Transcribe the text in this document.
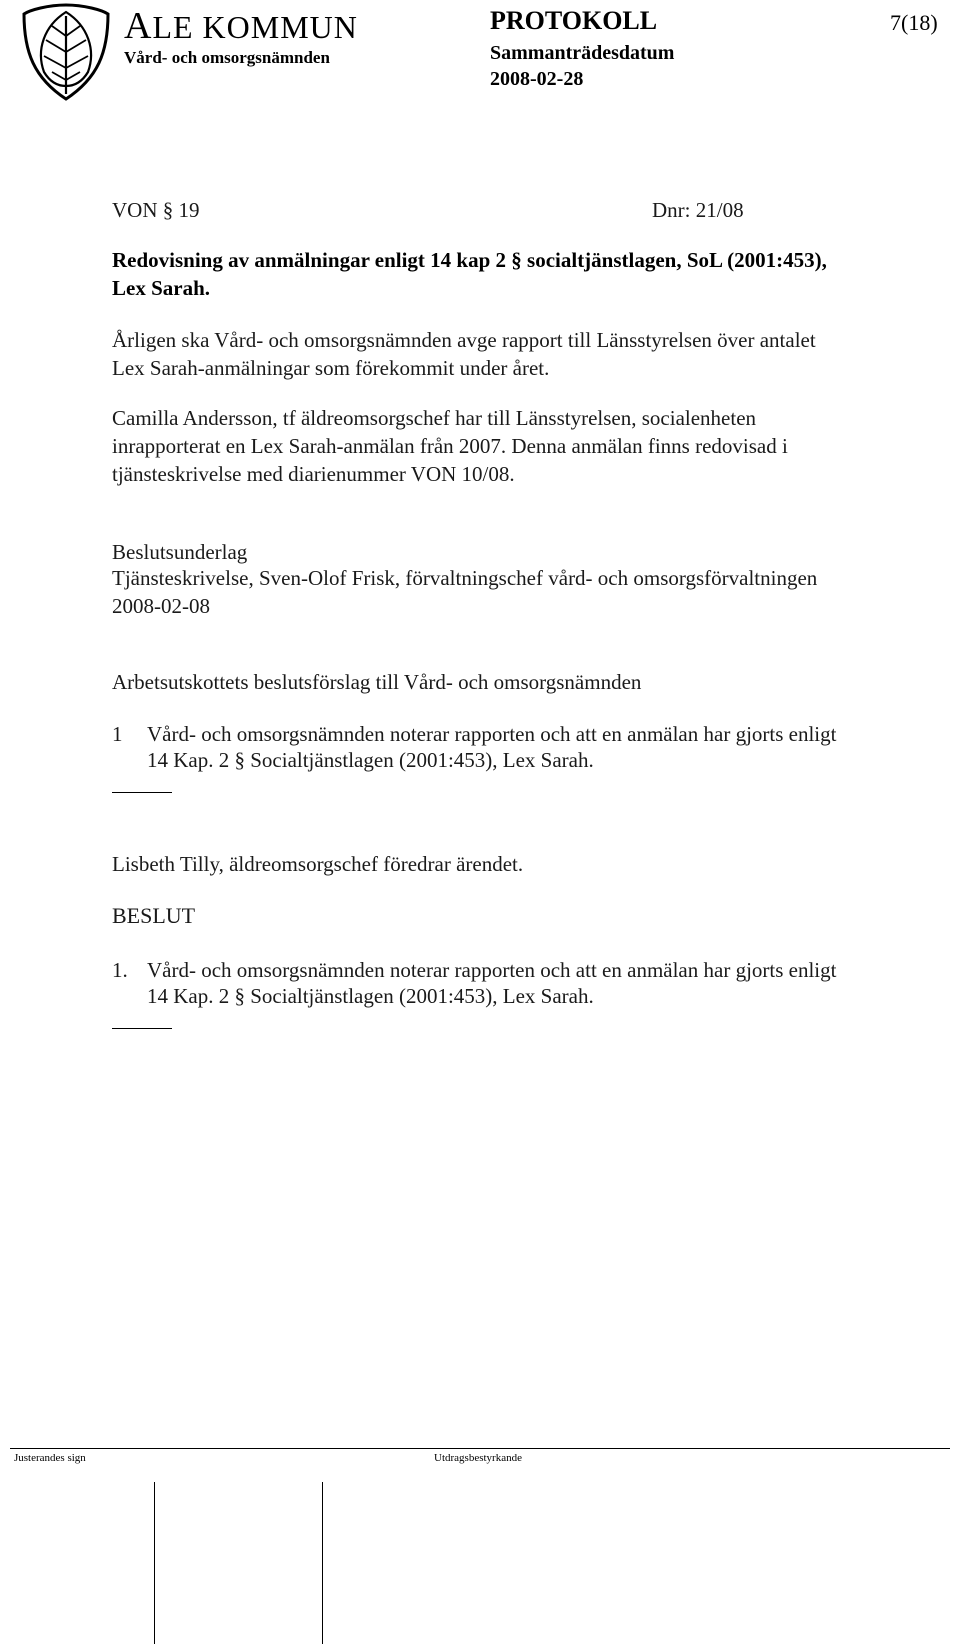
ALE KOMMUN
Vård- och omsorgsnämnden
PROTOKOLL
Sammanträdesdatum
2008-02-28
7(18)
VON § 19	Dnr: 21/08
Redovisning av anmälningar enligt 14 kap 2 § socialtjänstlagen, SoL (2001:453),
Lex Sarah.
Årligen ska Vård- och omsorgsnämnden avge rapport till Länsstyrelsen över antalet
Lex Sarah-anmälningar som förekommit under året.
Camilla Andersson, tf äldreomsorgschef har till Länsstyrelsen, socialenheten
inrapporterat en Lex Sarah-anmälan från 2007. Denna anmälan finns redovisad i
tjänsteskrivelse med diarienummer VON 10/08.
Beslutsunderlag
Tjänsteskrivelse, Sven-Olof Frisk, förvaltningschef vård- och omsorgsförvaltningen
2008-02-08
Arbetsutskottets beslutsförslag till Vård- och omsorgsnämnden
1 Vård- och omsorgsnämnden noterar rapporten och att en anmälan har gjorts enligt
14 Kap. 2 § Socialtjänstlagen (2001:453), Lex Sarah.
Lisbeth Tilly, äldreomsorgschef föredrar ärendet.
BESLUT
1. Vård- och omsorgsnämnden noterar rapporten och att en anmälan har gjorts enligt
14 Kap. 2 § Socialtjänstlagen (2001:453), Lex Sarah.
Justerandes sign	Utdragsbestyrkande
